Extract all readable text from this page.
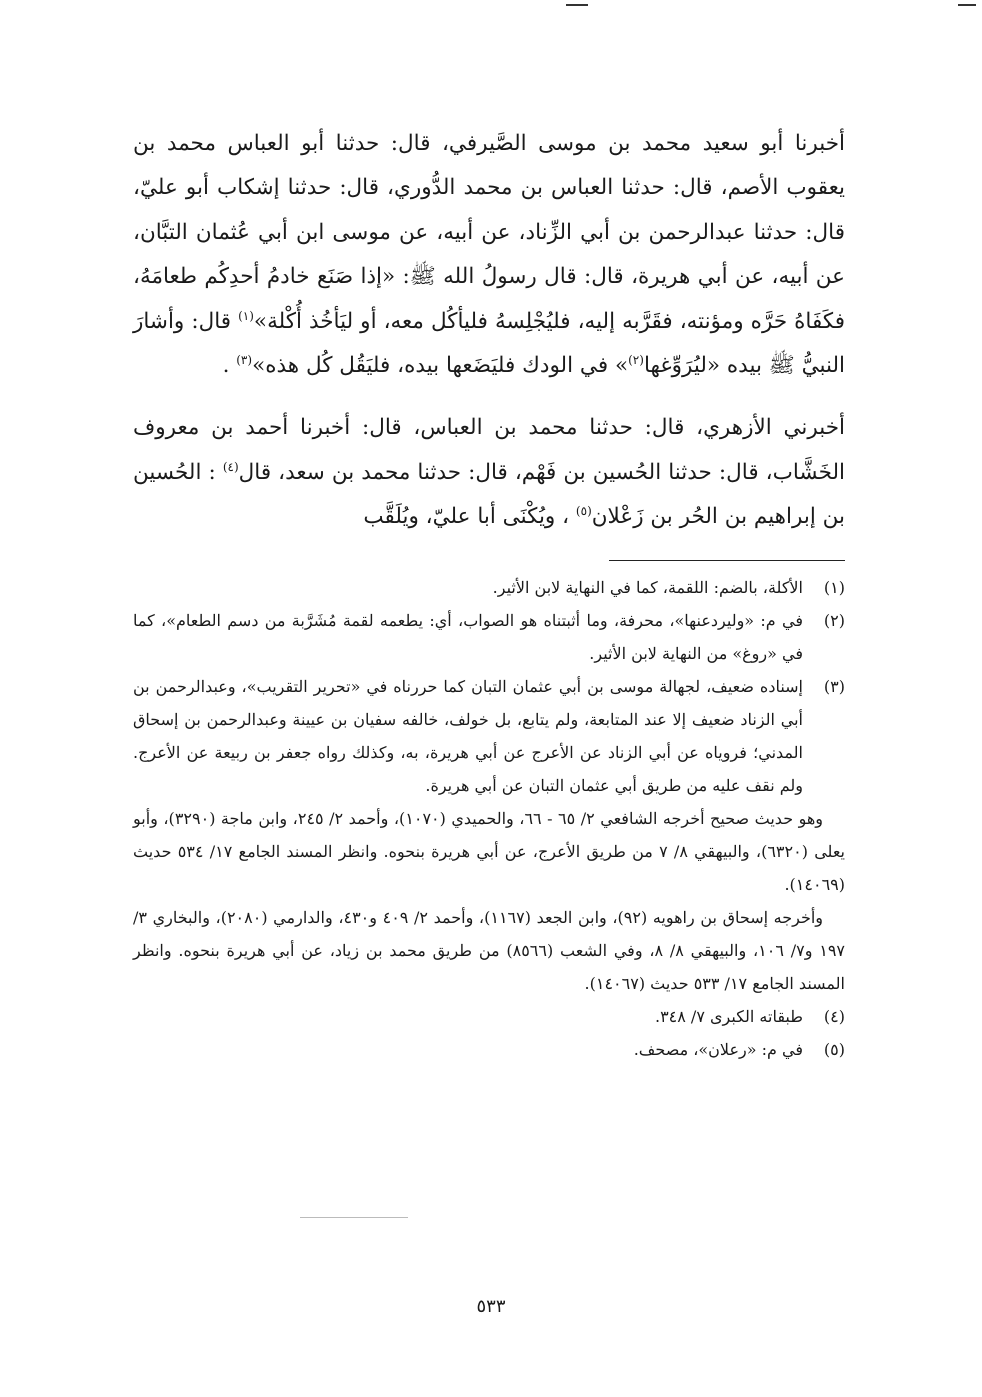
أخبرنا أبو سعيد محمد بن موسى الصَّيرفي، قال: حدثنا أبو العباس محمد بن يعقوب الأصم، قال: حدثنا العباس بن محمد الدُّوري، قال: حدثنا إشكاب أبو عليّ، قال: حدثنا عبدالرحمن بن أبي الزِّناد، عن أبيه، عن موسى ابن أبي عُثمان التبَّان، عن أبيه، عن أبي هريرة، قال: قال رسولُ الله ﷺ: «إذا صَنَع خادمُ أحدِكُم طعامَهُ، فكَفَاهُ حَرَّه ومؤنته، فقَرَّبه إليه، فليُجْلِسهُ فليأكُل معه، أو ليَأخُذ أُكْلة»$^{(١)}$ قال: وأشارَ النبيُّ ﷺ بيده «ليُرَوِّغها$^{(٢)}$» في الودك فليَضَعها بيده، فليَقُل كُل هذه»$^{(٣)}$ .

أخبرني الأزهري، قال: حدثنا محمد بن العباس، قال: أخبرنا أحمد بن معروف الخَشَّاب، قال: حدثنا الحُسين بن فَهْم، قال: حدثنا محمد بن سعد، قال$^{(٤)}$ : الحُسين بن إبراهيم بن الحُر بن زَعْلان$^{(٥)}$ ، ويُكْنَى أبا عليّ، ويُلَقَّب

(١)
الأكلة، بالضم: اللقمة، كما في النهاية لابن الأثير.
(٢)
في م: «وليردعنها»، محرفة، وما أثبتناه هو الصواب، أي: يطعمه لقمة مُشَرَّبة من دسم الطعام»، كما في «روغ» من النهاية لابن الأثير.
(٣)
إسناده ضعيف، لجهالة موسى بن أبي عثمان التبان كما حررناه في «تحرير التقريب»، وعبدالرحمن بن أبي الزناد ضعيف إلا عند المتابعة، ولم يتابع، بل خولف، خالفه سفيان بن عيينة وعبدالرحمن بن إسحاق المدني؛ فروياه عن أبي الزناد عن الأعرج عن أبي هريرة، به، وكذلك رواه جعفر بن ربيعة عن الأعرج. ولم نقف عليه من طريق أبي عثمان التبان عن أبي هريرة.

وهو حديث صحيح أخرجه الشافعي ٢/ ٦٥ - ٦٦، والحميدي (١٠٧٠)، وأحمد ٢/ ٢٤٥، وابن ماجة (٣٢٩٠)، وأبو يعلى (٦٣٢٠)، والبيهقي ٨/ ٧ من طريق الأعرج، عن أبي هريرة بنحوه. وانظر المسند الجامع ١٧/ ٥٣٤ حديث (١٤٠٦٩).

وأخرجه إسحاق بن راهويه (٩٢)، وابن الجعد (١١٦٧)، وأحمد ٢/ ٤٠٩ و٤٣٠، والدارمي (٢٠٨٠)، والبخاري ٣/ ١٩٧ و٧/ ١٠٦، والبيهقي ٨/ ٨، وفي الشعب (٨٥٦٦) من طريق محمد بن زياد، عن أبي هريرة بنحوه. وانظر المسند الجامع ١٧/ ٥٣٣ حديث (١٤٠٦٧).

(٤)
طبقاته الكبرى ٧/ ٣٤٨.
(٥)
في م: «رعلان»، مصحف.
٥٣٣
